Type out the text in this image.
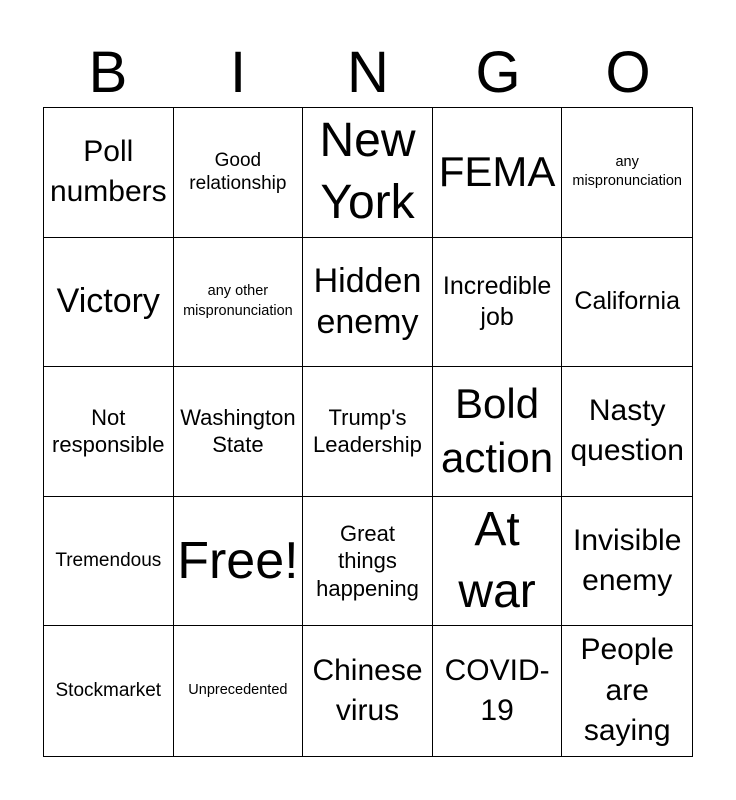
B	I	N	G	O
Poll
numbers
Good
relationship
New
York
FEMA	any
mispronunciation
Victory	any other
mispronunciation
Hidden
enemy
Incredible
job
California
Not
responsible
Washington
State
Trump's
Leadership
Bold
action
Nasty
question
Tremendous Free!	Great
things
happening
At
war
Invisible
enemy
Stockmarket Unprecedented
Chinese
virus
COVID-
19
People
are
saying
